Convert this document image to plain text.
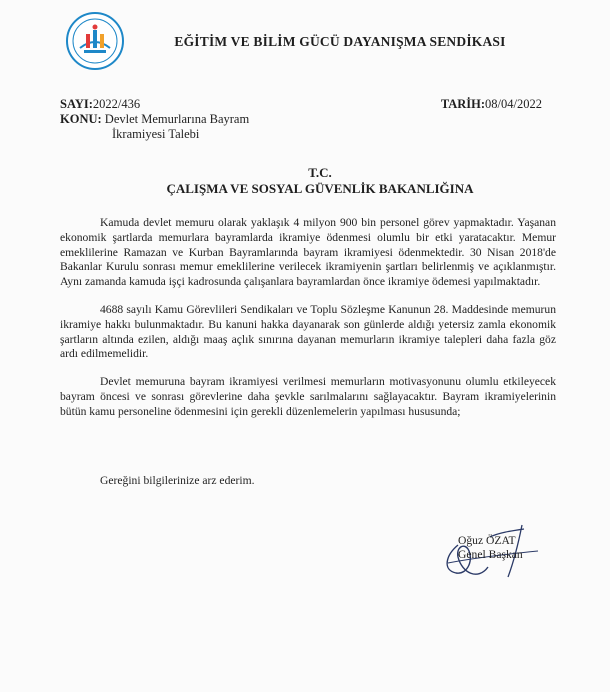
EĞİTİM VE BİLİM GÜCÜ DAYANIŞMA SENDİKASI
SAYI:2022/436	TARİH:08/04/2022
KONU: Devlet Memurlarına Bayram
İkramiyesi Talebi
T.C.
ÇALIŞMA VE SOSYAL GÜVENLİK BAKANLIĞINA

Kamuda devlet memuru olarak yaklaşık 4 milyon 900 bin personel görev yapmaktadır. Yaşanan ekonomik şartlarda memurlara bayramlarda ikramiye ödenmesi olumlu bir etki yaratacaktır. Memur emeklilerine Ramazan ve Kurban Bayramlarında bayram ikramiyesi ödenmektedir. 30 Nisan 2018'de Bakanlar Kurulu sonrası memur emeklilerine verilecek ikramiyenin şartları belirlenmiş ve açıklanmıştır. Aynı zamanda kamuda işçi kadrosunda çalışanlara bayramlardan önce ikramiye ödemesi yapılmaktadır.

4688 sayılı Kamu Görevlileri Sendikaları ve Toplu Sözleşme Kanunun 28. Maddesinde memurun ikramiye hakkı bulunmaktadır. Bu kanuni hakka dayanarak son günlerde aldığı yetersiz zamla ekonomik şartların altında ezilen, aldığı maaş açlık sınırına dayanan memurların ikramiye talepleri daha fazla göz ardı edilmemelidir.

Devlet memuruna bayram ikramiyesi verilmesi memurların motivasyonunu olumlu etkileyecek bayram öncesi ve sonrası görevlerine daha şevkle sarılmalarını sağlayacaktır. Bayram ikramiyelerinin bütün kamu personeline ödenmesini için gerekli düzenlemelerin yapılması hususunda;

Gereğini bilgilerinize arz ederim.
Oğuz ÖZAT
Genel Başkan
